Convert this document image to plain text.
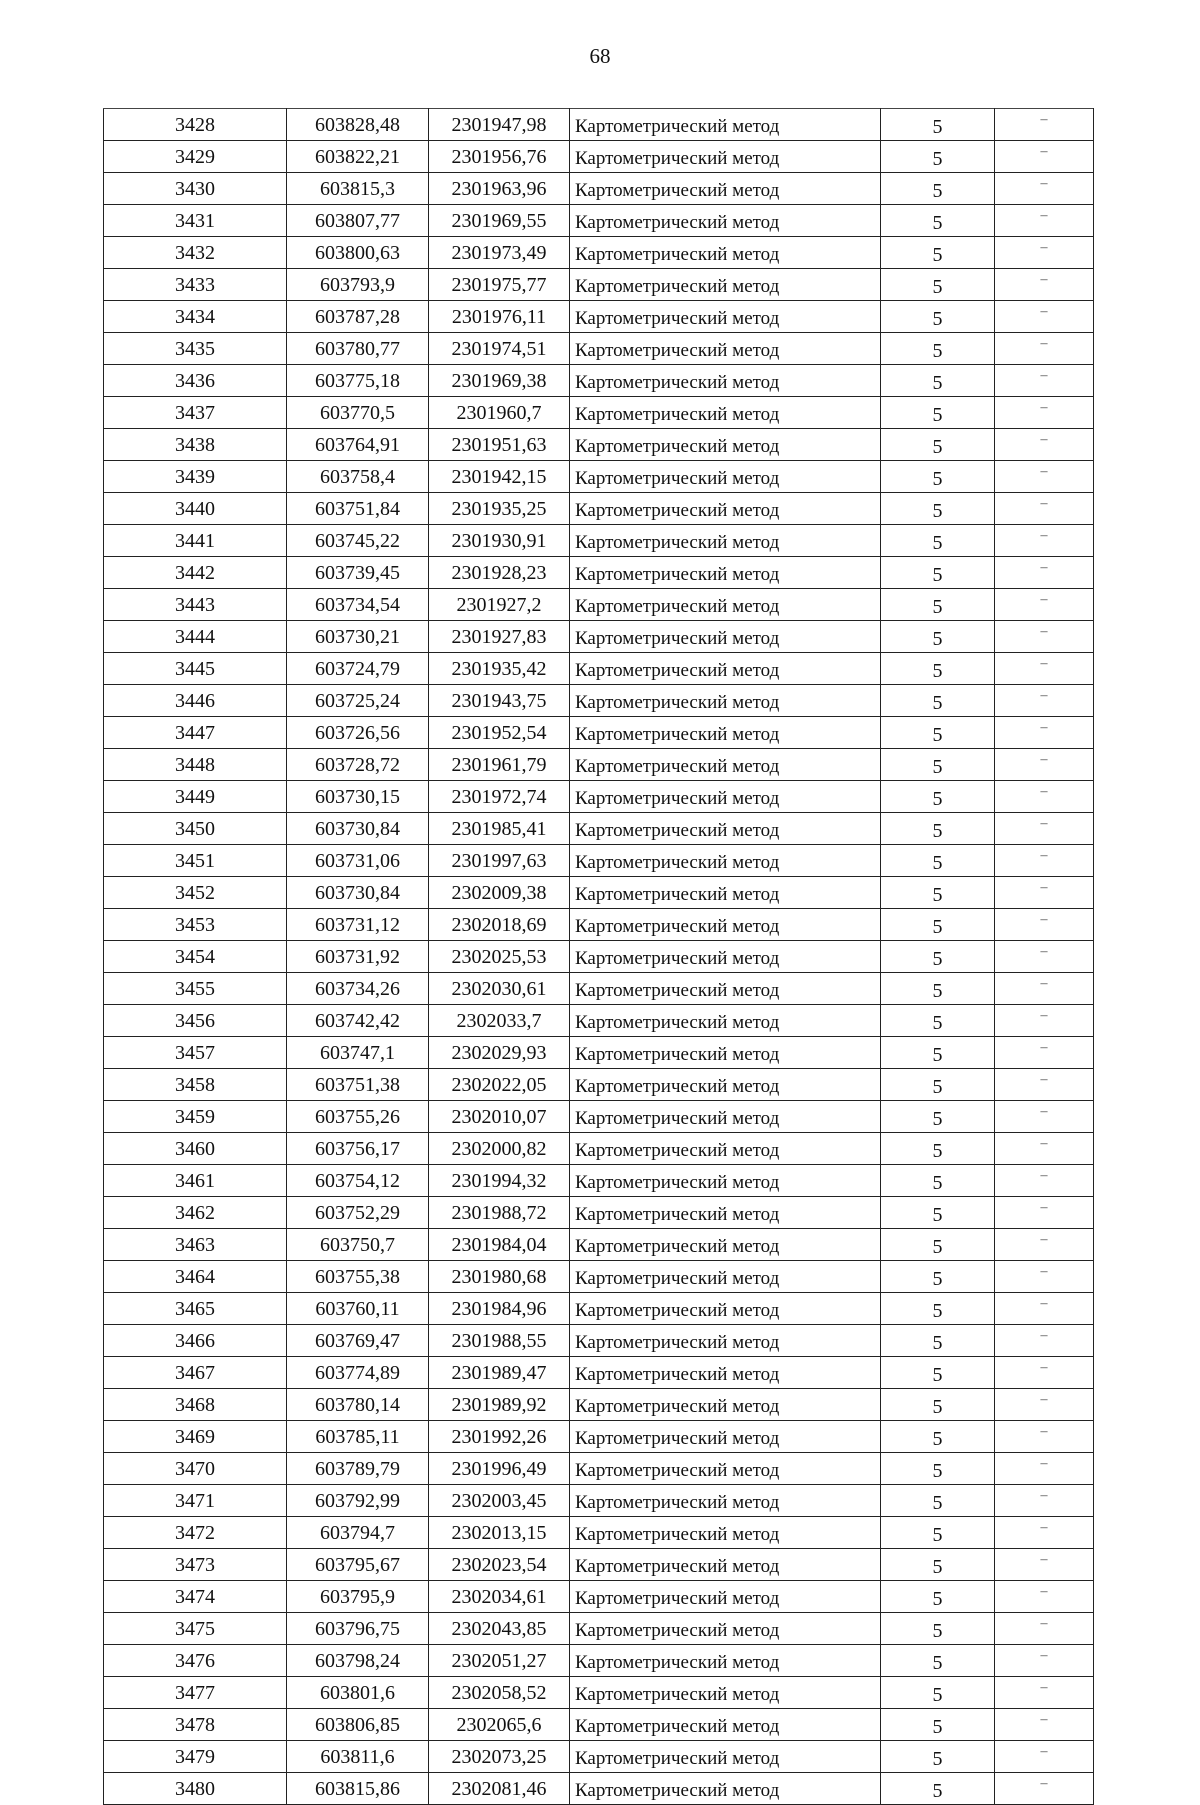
68
3428	603828,48	2301947,98	Картометрический метод	5	–
3429	603822,21	2301956,76	Картометрический метод	5	–
3430	603815,3	2301963,96	Картометрический метод	5	–
3431	603807,77	2301969,55	Картометрический метод	5	–
3432	603800,63	2301973,49	Картометрический метод	5	–
3433	603793,9	2301975,77	Картометрический метод	5	–
3434	603787,28	2301976,11	Картометрический метод	5	–
3435	603780,77	2301974,51	Картометрический метод	5	–
3436	603775,18	2301969,38	Картометрический метод	5	–
3437	603770,5	2301960,7	Картометрический метод	5	–
3438	603764,91	2301951,63	Картометрический метод	5	–
3439	603758,4	2301942,15	Картометрический метод	5	–
3440	603751,84	2301935,25	Картометрический метод	5	–
3441	603745,22	2301930,91	Картометрический метод	5	–
3442	603739,45	2301928,23	Картометрический метод	5	–
3443	603734,54	2301927,2	Картометрический метод	5	–
3444	603730,21	2301927,83	Картометрический метод	5	–
3445	603724,79	2301935,42	Картометрический метод	5	–
3446	603725,24	2301943,75	Картометрический метод	5	–
3447	603726,56	2301952,54	Картометрический метод	5	–
3448	603728,72	2301961,79	Картометрический метод	5	–
3449	603730,15	2301972,74	Картометрический метод	5	–
3450	603730,84	2301985,41	Картометрический метод	5	–
3451	603731,06	2301997,63	Картометрический метод	5	–
3452	603730,84	2302009,38	Картометрический метод	5	–
3453	603731,12	2302018,69	Картометрический метод	5	–
3454	603731,92	2302025,53	Картометрический метод	5	–
3455	603734,26	2302030,61	Картометрический метод	5	–
3456	603742,42	2302033,7	Картометрический метод	5	–
3457	603747,1	2302029,93	Картометрический метод	5	–
3458	603751,38	2302022,05	Картометрический метод	5	–
3459	603755,26	2302010,07	Картометрический метод	5	–
3460	603756,17	2302000,82	Картометрический метод	5	–
3461	603754,12	2301994,32	Картометрический метод	5	–
3462	603752,29	2301988,72	Картометрический метод	5	–
3463	603750,7	2301984,04	Картометрический метод	5	–
3464	603755,38	2301980,68	Картометрический метод	5	–
3465	603760,11	2301984,96	Картометрический метод	5	–
3466	603769,47	2301988,55	Картометрический метод	5	–
3467	603774,89	2301989,47	Картометрический метод	5	–
3468	603780,14	2301989,92	Картометрический метод	5	–
3469	603785,11	2301992,26	Картометрический метод	5	–
3470	603789,79	2301996,49	Картометрический метод	5	–
3471	603792,99	2302003,45	Картометрический метод	5	–
3472	603794,7	2302013,15	Картометрический метод	5	–
3473	603795,67	2302023,54	Картометрический метод	5	–
3474	603795,9	2302034,61	Картометрический метод	5	–
3475	603796,75	2302043,85	Картометрический метод	5	–
3476	603798,24	2302051,27	Картометрический метод	5	–
3477	603801,6	2302058,52	Картометрический метод	5	–
3478	603806,85	2302065,6	Картометрический метод	5	–
3479	603811,6	2302073,25	Картометрический метод	5	–
3480	603815,86	2302081,46	Картометрический метод	5	–
